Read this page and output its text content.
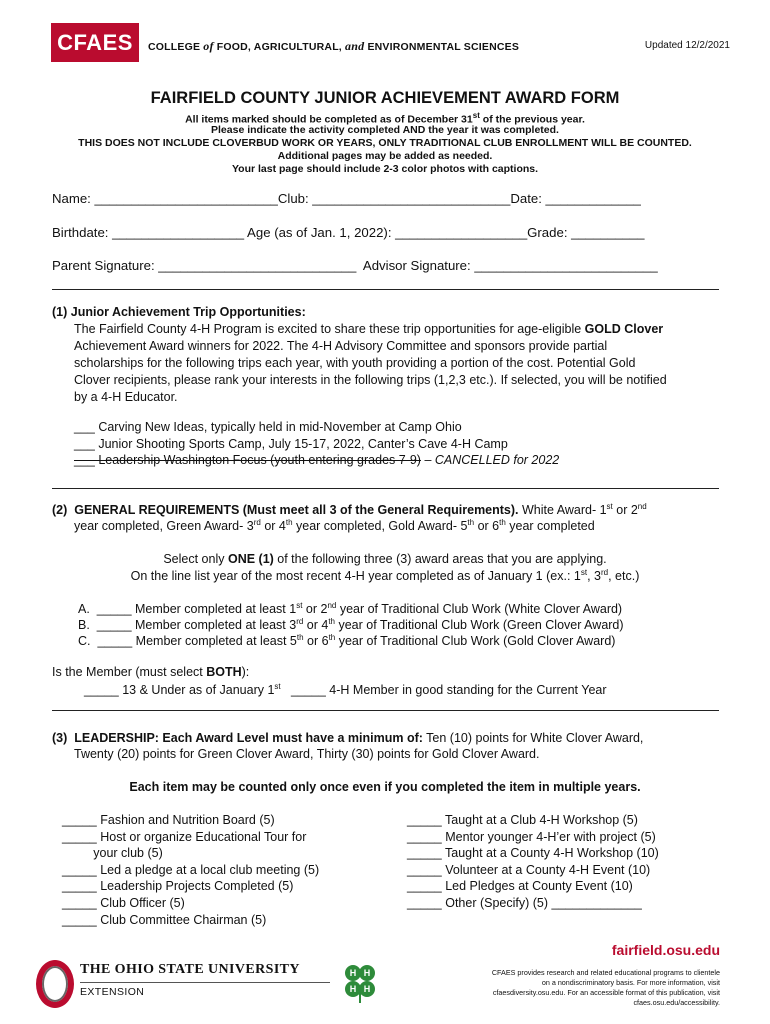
CFAES	COLLEGE of FOOD, AGRICULTURAL, and ENVIRONMENTAL SCIENCES	Updated 12/2/2021
FAIRFIELD COUNTY JUNIOR ACHIEVEMENT AWARD FORM
All items marked should be completed as of December 31st of the previous year.
Please indicate the activity completed AND the year it was completed.
THIS DOES NOT INCLUDE CLOVERBUD WORK OR YEARS, ONLY TRADITIONAL CLUB ENROLLMENT WILL BE COUNTED.
Additional pages may be added as needed.
Your last page should include 2-3 color photos with captions.
Name: _________________________Club: ___________________________Date: _____________
Birthdate: __________________ Age (as of Jan. 1, 2022): __________________Grade: __________
Parent Signature: ___________________________  Advisor Signature: _________________________
(1) Junior Achievement Trip Opportunities:
The Fairfield County 4-H Program is excited to share these trip opportunities for age-eligible GOLD Clover
Achievement Award winners for 2022. The 4-H Advisory Committee and sponsors provide partial
scholarships for the following trips each year, with youth providing a portion of the cost. Potential Gold
Clover recipients, please rank your interests in the following trips (1,2,3 etc.). If selected, you will be notified
by a 4-H Educator.
___ Carving New Ideas, typically held in mid-November at Camp Ohio
___ Junior Shooting Sports Camp, July 15-17, 2022, Canter’s Cave 4-H Camp
___ Leadership Washington Focus (youth entering grades 7-9) – CANCELLED for 2022
(2)  GENERAL REQUIREMENTS (Must meet all 3 of the General Requirements). White Award- 1st or 2nd
year completed, Green Award- 3rd or 4th year completed, Gold Award- 5th or 6th year completed
Select only ONE (1) of the following three (3) award areas that you are applying.
On the line list year of the most recent 4-H year completed as of January 1 (ex.: 1st, 3rd, etc.)
A.  _____ Member completed at least 1st or 2nd year of Traditional Club Work (White Clover Award)
B.  _____ Member completed at least 3rd or 4th year of Traditional Club Work (Green Clover Award)
C.  _____ Member completed at least 5th or 6th year of Traditional Club Work (Gold Clover Award)
Is the Member (must select BOTH):
_____ 13 & Under as of January 1st   _____ 4-H Member in good standing for the Current Year
(3)  LEADERSHIP: Each Award Level must have a minimum of: Ten (10) points for White Clover Award,
Twenty (20) points for Green Clover Award, Thirty (30) points for Gold Clover Award.
Each item may be counted only once even if you completed the item in multiple years.
_____ Fashion and Nutrition Board (5)
_____ Host or organize Educational Tour for
your club (5)
_____ Led a pledge at a local club meeting (5)
_____ Leadership Projects Completed (5)
_____ Club Officer (5)
_____ Club Committee Chairman (5)
_____ Taught at a Club 4-H Workshop (5)
_____ Mentor younger 4-H’er with project (5)
_____ Taught at a County 4-H Workshop (10)
_____ Volunteer at a County 4-H Event (10)
_____ Led Pledges at County Event (10)
_____ Other (Specify) (5) _____________
THE OHIO STATE UNIVERSITY
EXTENSION
H H
H H
fairfield.osu.edu
CFAES provides research and related educational programs to clientele on a nondiscriminatory basis. For more information, visit cfaesdiversity.osu.edu. For an accessible format of this publication, visit cfaes.osu.edu/accessibility.
